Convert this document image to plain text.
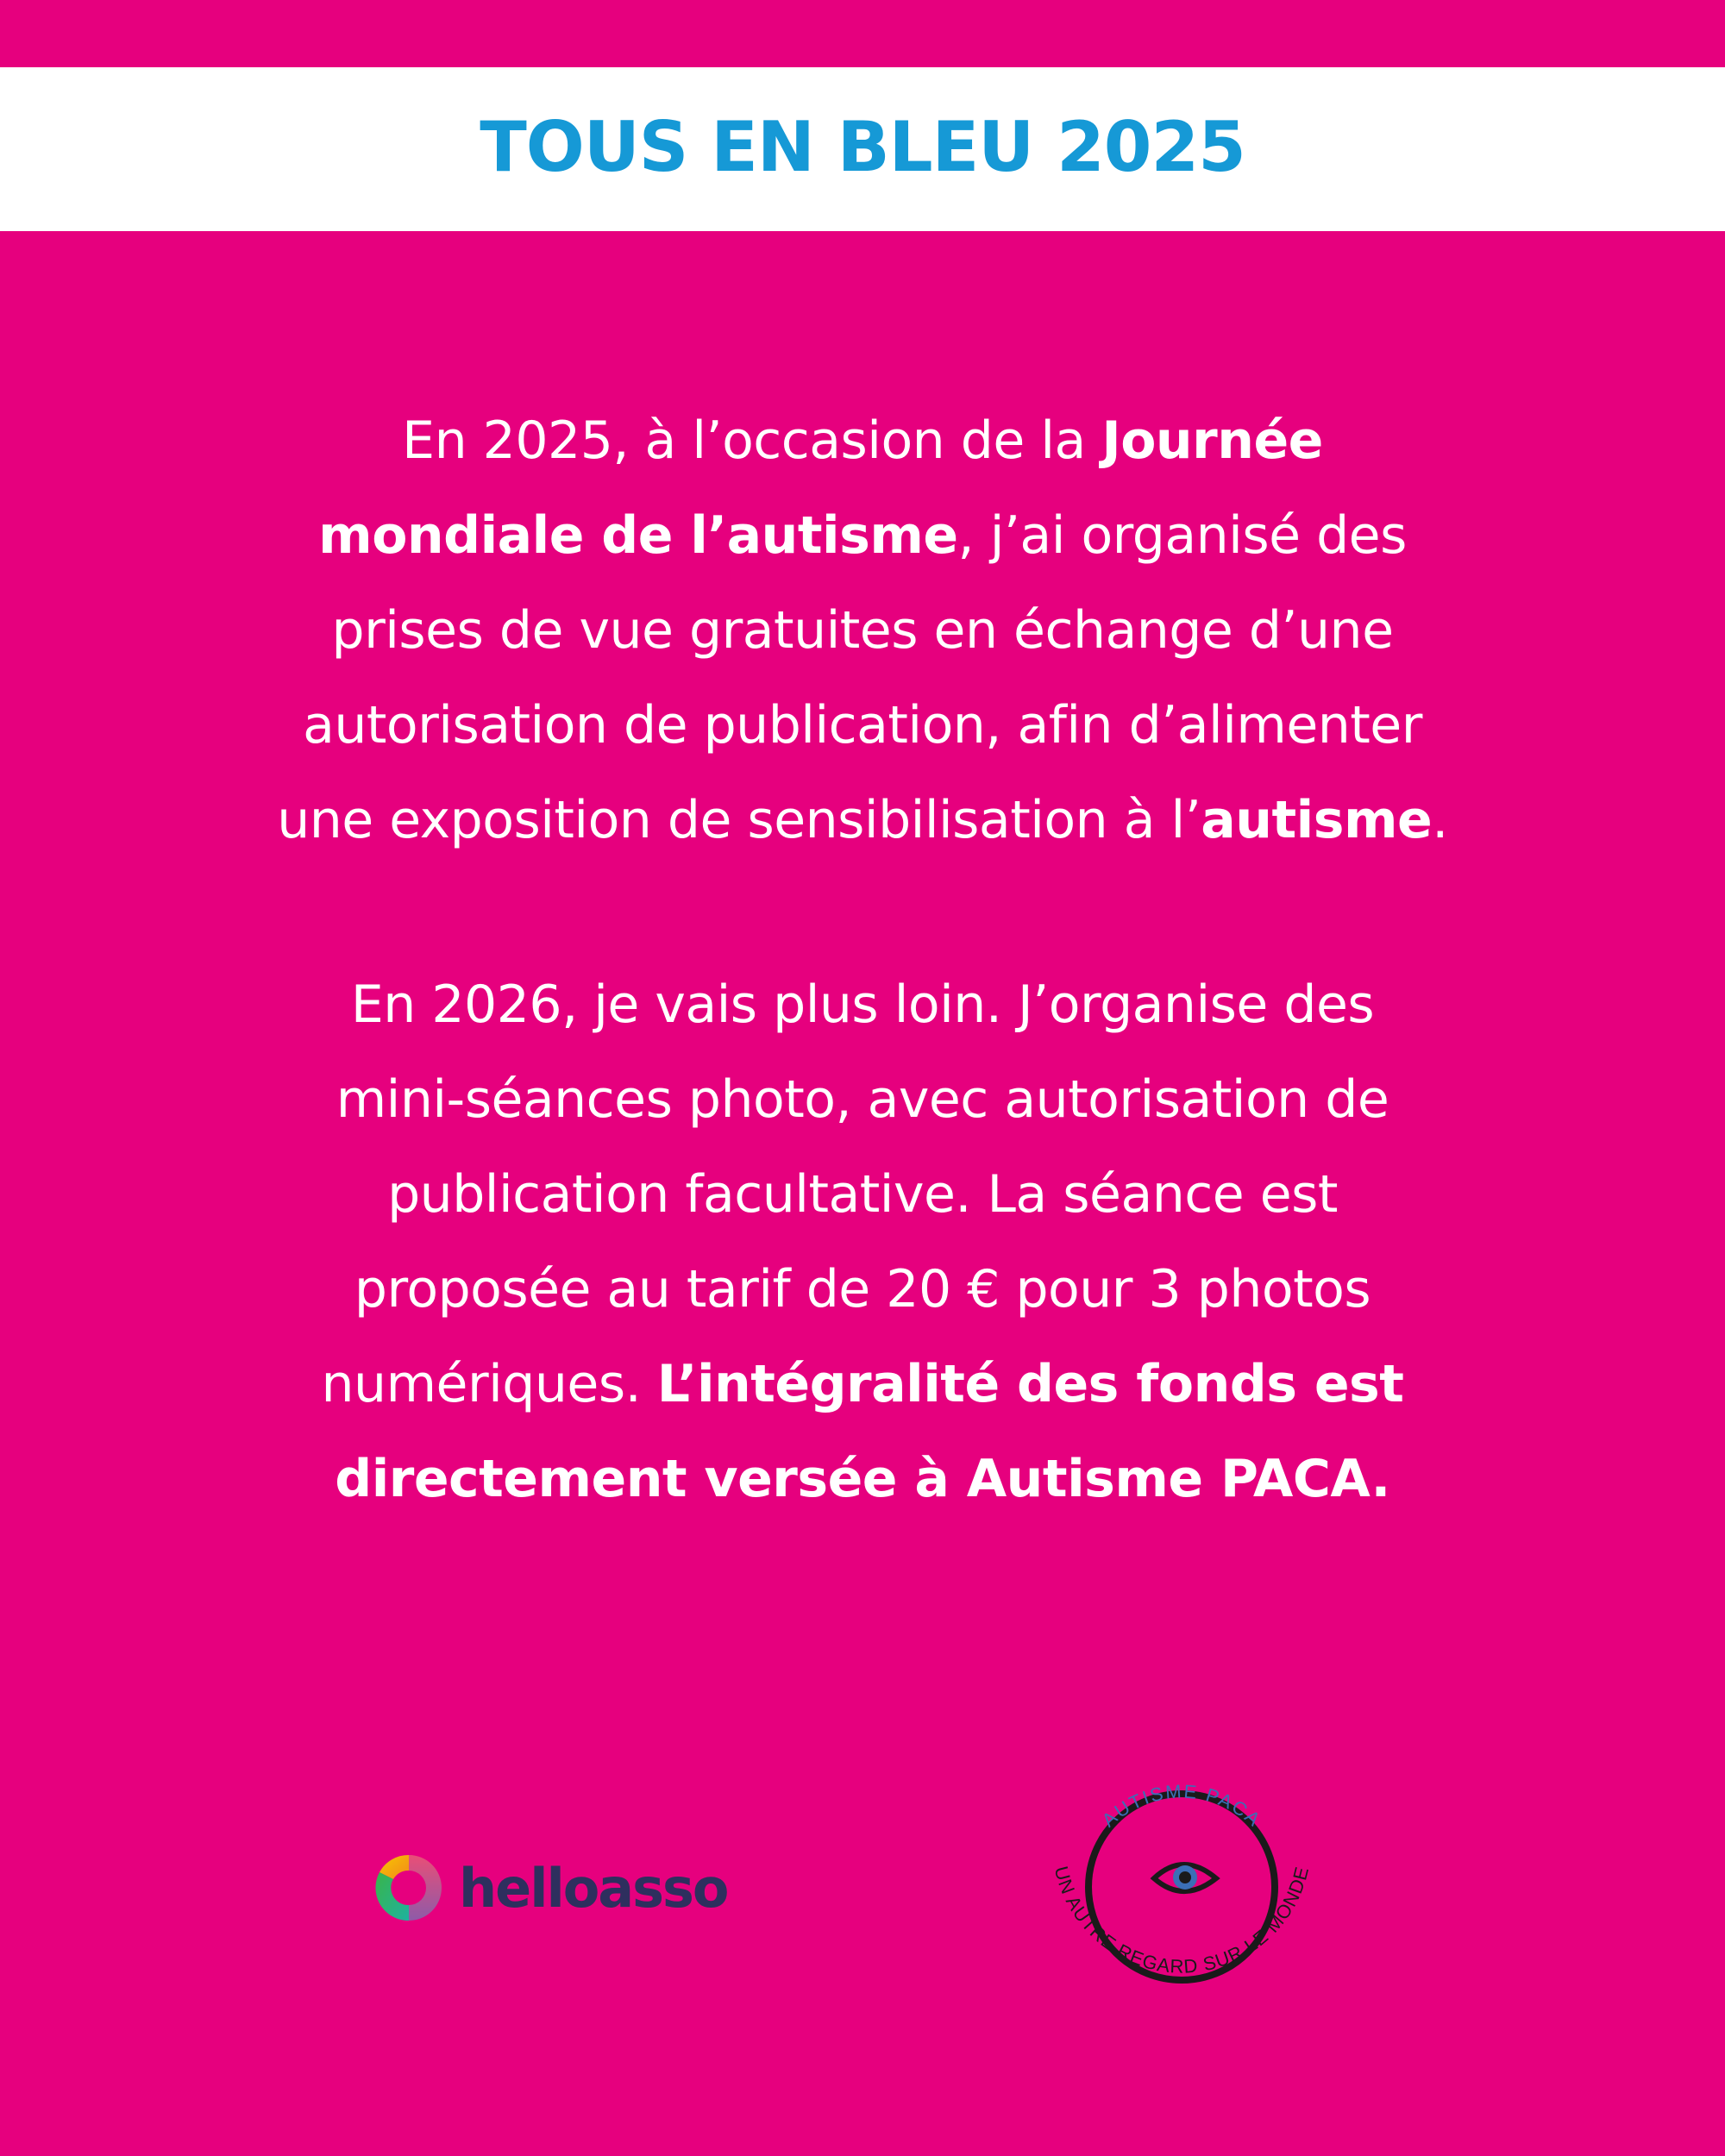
TOUS EN BLEU 2025
En 2025, à l’occasion de la Journée
mondiale de l’autisme, j’ai organisé des
prises de vue gratuites en échange d’une
autorisation de publication, afin d’alimenter
une exposition de sensibilisation à l’autisme.
En 2026, je vais plus loin. J’organise des
mini-séances photo, avec autorisation de
publication facultative. La séance est
proposée au tarif de 20 € pour 3 photos
numériques. L’intégralité des fonds est
directement versée à Autisme PACA.
helloasso
AUTISME PACA
UN AUTRE REGARD SUR LE MONDE
